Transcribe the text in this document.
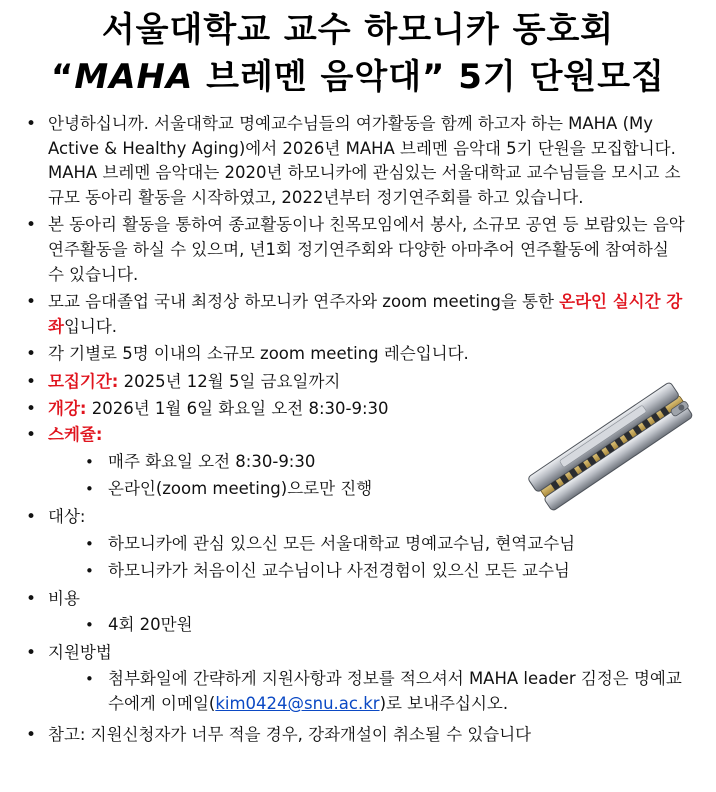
서울대학교 교수 하모니카 동호회
“MAHA 브레멘 음악대” 5기 단원모집
• 안녕하십니까. 서울대학교 명예교수님들의 여가활동을 함께 하고자 하는 MAHA (My Active & Healthy Aging)에서 2026년 MAHA 브레멘 음악대 5기 단원을 모집합니다. MAHA 브레멘 음악대는 2020년 하모니카에 관심있는 서울대학교 교수님들을 모시고 소규모 동아리 활동을 시작하였고, 2022년부터 정기연주회를 하고 있습니다.
• 본 동아리 활동을 통하여 종교활동이나 친목모임에서 봉사, 소규모 공연 등 보람있는 음악 연주활동을 하실 수 있으며, 년1회 정기연주회와 다양한 아마추어 연주활동에 참여하실 수 있습니다.
• 모교 음대졸업 국내 최정상 하모니카 연주자와 zoom meeting을 통한 온라인 실시간 강좌입니다.
• 각 기별로 5명 이내의 소규모 zoom meeting 레슨입니다.
• 모집기간: 2025년 12월 5일 금요일까지
• 개강: 2026년 1월 6일 화요일 오전 8:30-9:30
• 스케쥴:
• 매주 화요일 오전 8:30-9:30
• 온라인(zoom meeting)으로만 진행
• 대상:
• 하모니카에 관심 있으신 모든 서울대학교 명예교수님, 현역교수님
• 하모니카가 처음이신 교수님이나 사전경험이 있으신 모든 교수님
• 비용
• 4회 20만원
• 지원방법
• 첨부화일에 간략하게 지원사항과 정보를 적으셔서 MAHA leader 김정은 명예교수에게 이메일(kim0424@snu.ac.kr)로 보내주십시오.
• 참고: 지원신청자가 너무 적을 경우, 강좌개설이 취소될 수 있습니다
